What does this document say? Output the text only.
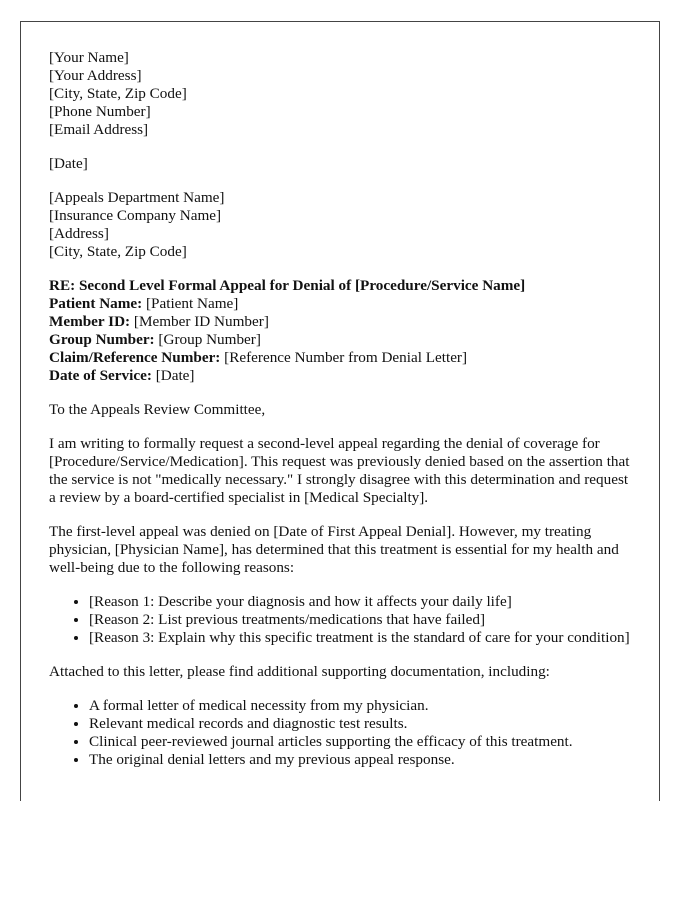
[Your Name]
[Your Address]
[City, State, Zip Code]
[Phone Number]
[Email Address]
[Date]
[Appeals Department Name]
[Insurance Company Name]
[Address]
[City, State, Zip Code]
RE: Second Level Formal Appeal for Denial of [Procedure/Service Name]
Patient Name: [Patient Name]
Member ID: [Member ID Number]
Group Number: [Group Number]
Claim/Reference Number: [Reference Number from Denial Letter]
Date of Service: [Date]

To the Appeals Review Committee,

I am writing to formally request a second-level appeal regarding the denial of coverage for [Procedure/Service/Medication]. This request was previously denied based on the assertion that the service is not "medically necessary." I strongly disagree with this determination and request a review by a board-certified specialist in [Medical Specialty].

The first-level appeal was denied on [Date of First Appeal Denial]. However, my treating physician, [Physician Name], has determined that this treatment is essential for my health and well-being due to the following reasons:

• [Reason 1: Describe your diagnosis and how it affects your daily life]
• [Reason 2: List previous treatments/medications that have failed]
• [Reason 3: Explain why this specific treatment is the standard of care for your condition]

Attached to this letter, please find additional supporting documentation, including:

• A formal letter of medical necessity from my physician.
• Relevant medical records and diagnostic test results.
• Clinical peer-reviewed journal articles supporting the efficacy of this treatment.
• The original denial letters and my previous appeal response.
